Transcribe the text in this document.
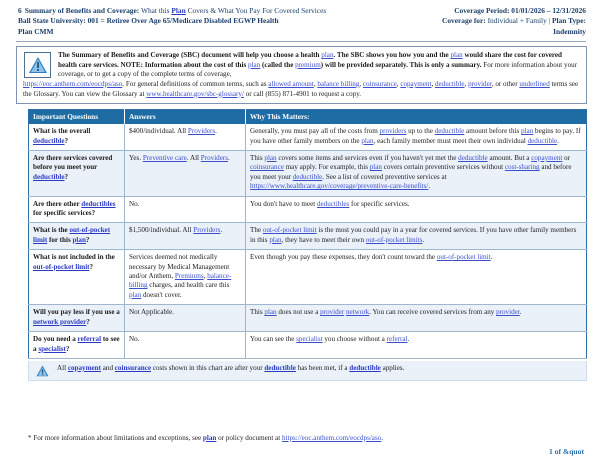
6 Summary of Benefits and Coverage: What this Plan Covers & What You Pay For Covered Services
Ball State University: 001 = Retiree Over Age 65/Medicare Disabled EGWP Health
Plan CMM
Coverage Period: 01/01/2026 – 12/31/2026
Coverage for: Individual + Family | Plan Type:
Indemnity
The Summary of Benefits and Coverage (SBC) document will help you choose a health plan. The SBC shows you how you and the plan would share the cost for covered health care services. NOTE: Information about the cost of this plan (called the premium) will be provided separately. This is only a summary. For more information about your coverage, or to get a copy of the complete terms of coverage,
https://eoc.anthem.com/eocdps/aso. For general definitions of common terms, such as allowed amount, balance billing, coinsurance, copayment, deductible, provider, or other underlined terms see the Glossary. You can view the Glossary at www.healthcare.gov/sbc-glossary/ or call (855) 871-4901 to request a copy.
Important Questions	Answers	Why This Matters:
What is the overall deductible?	$400/individual. All Providers.	Generally, you must pay all of the costs from providers up to the deductible amount before this plan begins to pay. If you have other family members on the plan, each family member must meet their own individual deductible.
Are there services covered before you meet your deductible?	Yes. Preventive care. All Providers.	This plan covers some items and services even if you haven't yet met the deductible amount. But a copayment or coinsurance may apply. For example, this plan covers certain preventive services without cost-sharing and before you meet your deductible. See a list of covered preventive services at https://www.healthcare.gov/coverage/preventive-care-benefits/.
Are there other deductibles for specific services?	No.	You don't have to meet deductibles for specific services.
What is the out-of-pocket limit for this plan?	$1,500/individual. All Providers.	The out-of-pocket limit is the most you could pay in a year for covered services. If you have other family members in this plan, they have to meet their own out-of-pocket limits.
What is not included in the out-of-pocket limit?	Services deemed not medically necessary by Medical Management and/or Anthem, Premiums, balance-billing charges, and health care this plan doesn't cover.	Even though you pay these expenses, they don't count toward the out-of-pocket limit.
Will you pay less if you use a network provider?	Not Applicable.	This plan does not use a provider network. You can receive covered services from any provider.
Do you need a referral to see a specialist?	No.	You can see the specialist you choose without a referral.
All copayment and coinsurance costs shown in this chart are after your deductible has been met, if a deductible applies.
* For more information about limitations and exceptions, see plan or policy document at https://eoc.anthem.com/eocdps/aso.
1 of &quot
